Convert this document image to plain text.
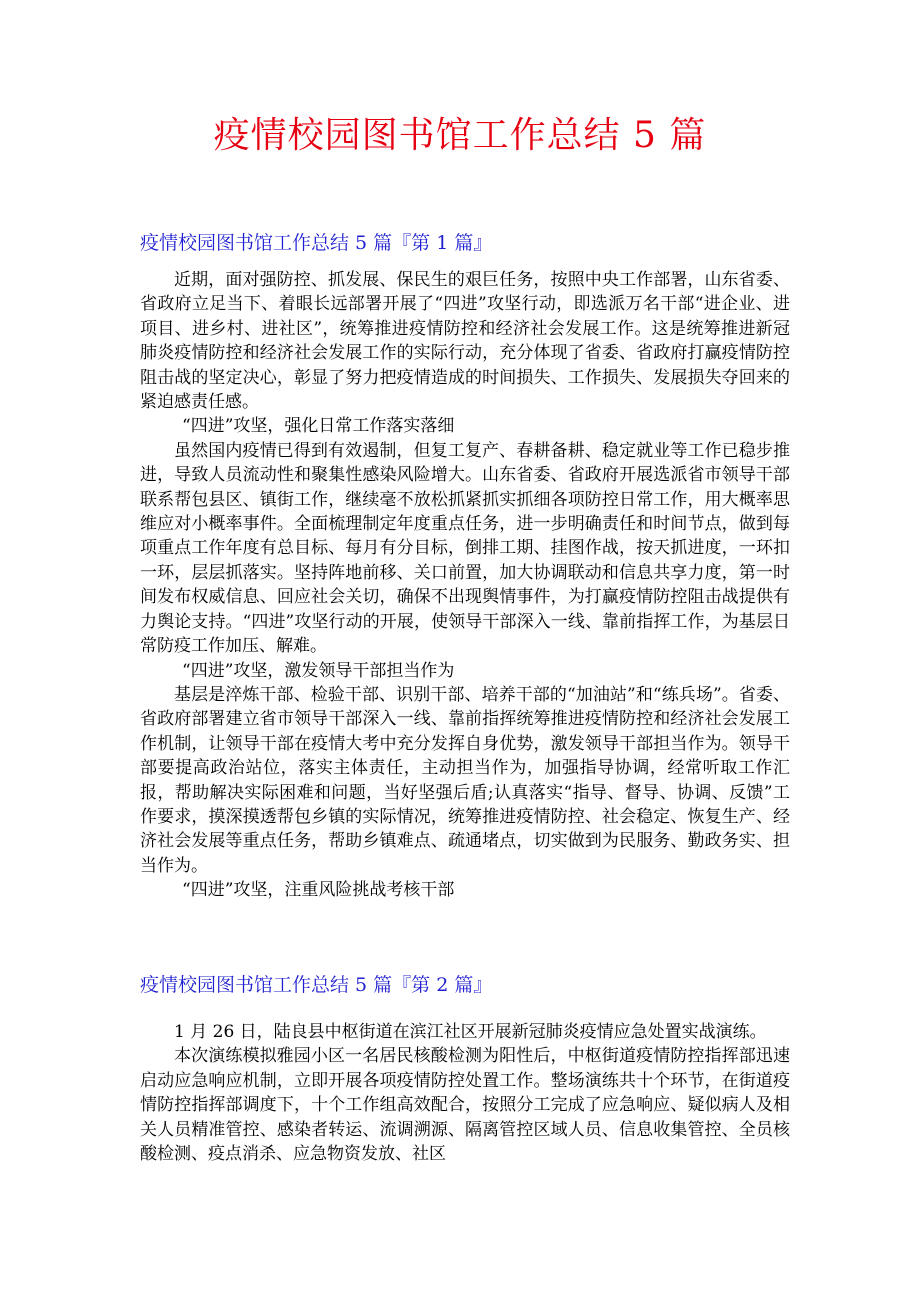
疫情校园图书馆工作总结 5 篇
疫情校园图书馆工作总结 5 篇『第 1 篇』

近期，面对强防控、抓发展、保民生的艰巨任务，按照中央工作部署，山东省委、省政府立足当下、着眼长远部署开展了“四进”攻坚行动，即选派万名干部“进企业、进项目、进乡村、进社区”，统筹推进疫情防控和经济社会发展工作。这是统筹推进新冠肺炎疫情防控和经济社会发展工作的实际行动，充分体现了省委、省政府打赢疫情防控阻击战的坚定决心，彰显了努力把疫情造成的时间损失、工作损失、发展损失夺回来的紧迫感责任感。

“四进”攻坚，强化日常工作落实落细

虽然国内疫情已得到有效遏制，但复工复产、春耕备耕、稳定就业等工作已稳步推进，导致人员流动性和聚集性感染风险增大。山东省委、省政府开展选派省市领导干部联系帮包县区、镇街工作，继续毫不放松抓紧抓实抓细各项防控日常工作，用大概率思维应对小概率事件。全面梳理制定年度重点任务，进一步明确责任和时间节点，做到每项重点工作年度有总目标、每月有分目标，倒排工期、挂图作战，按天抓进度，一环扣一环，层层抓落实。坚持阵地前移、关口前置，加大协调联动和信息共享力度，第一时间发布权威信息、回应社会关切，确保不出现舆情事件，为打赢疫情防控阻击战提供有力舆论支持。“四进”攻坚行动的开展，使领导干部深入一线、靠前指挥工作，为基层日常防疫工作加压、解难。

“四进”攻坚，激发领导干部担当作为

基层是淬炼干部、检验干部、识别干部、培养干部的“加油站”和“练兵场”。省委、省政府部署建立省市领导干部深入一线、靠前指挥统筹推进疫情防控和经济社会发展工作机制，让领导干部在疫情大考中充分发挥自身优势，激发领导干部担当作为。领导干部要提高政治站位，落实主体责任，主动担当作为，加强指导协调，经常听取工作汇报，帮助解决实际困难和问题，当好坚强后盾;认真落实“指导、督导、协调、反馈”工作要求，摸深摸透帮包乡镇的实际情况，统筹推进疫情防控、社会稳定、恢复生产、经济社会发展等重点任务，帮助乡镇难点、疏通堵点，切实做到为民服务、勤政务实、担当作为。

“四进”攻坚，注重风险挑战考核干部

疫情校园图书馆工作总结 5 篇『第 2 篇』

1 月 26 日，陆良县中枢街道在滨江社区开展新冠肺炎疫情应急处置实战演练。

本次演练模拟雅园小区一名居民核酸检测为阳性后，中枢街道疫情防控指挥部迅速启动应急响应机制，立即开展各项疫情防控处置工作。整场演练共十个环节，在街道疫情防控指挥部调度下，十个工作组高效配合，按照分工完成了应急响应、疑似病人及相关人员精准管控、感染者转运、流调溯源、隔离管控区域人员、信息收集管控、全员核酸检测、疫点消杀、应急物资发放、社区
